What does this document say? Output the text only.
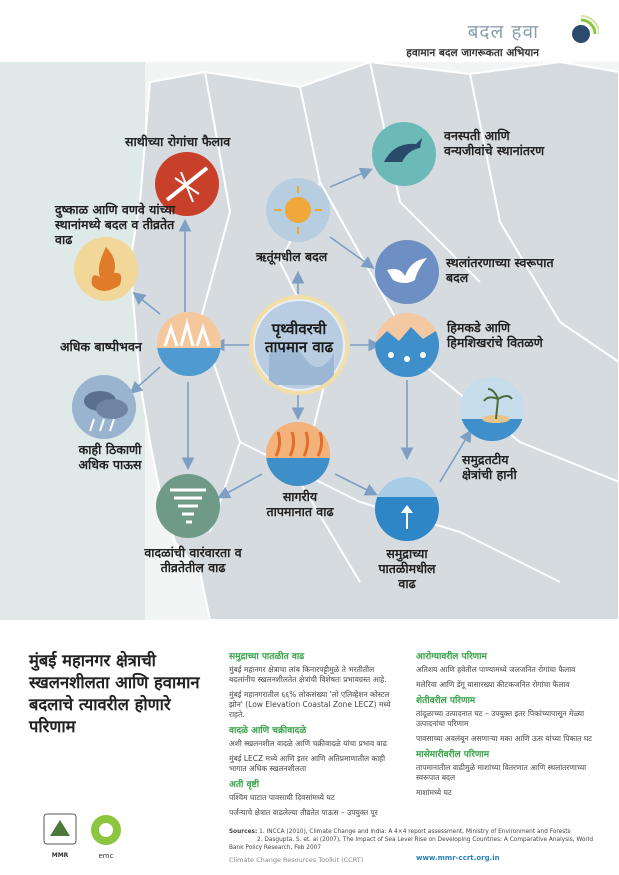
बदल हवा
हवामान बदल जागरूकता अभियान
पृथ्वीवरची तापमान वाढ
साथीच्या रोगांचा फैलाव
दुष्काळ आणि वणवे यांच्या स्थानांमध्ये बदल व तीव्रतेत वाढ
अधिक बाष्पीभवन
काही ठिकाणी अधिक पाऊस
वादळांची वारंवारता व तीव्रतेतील वाढ
ऋतूंमधील बदल
सागरीय तापमानात वाढ
वनस्पती आणि वन्यजीवांचे स्थानांतरण
स्थलांतरणाच्या स्वरूपात बदल
हिमकडे आणि हिमशिखरांचे वितळणे
समुद्रतटीय क्षेत्रांची हानी
समुद्राच्या पातळीमधील वाढ
मुंबई महानगर क्षेत्राची स्खलनशीलता आणि हवामान बदलाचे त्यावरील होणारे परिणाम
समुद्राच्या पातळीत वाढ
मुंबई महानगर क्षेत्राचा लांब किनारपट्टीमुळे ते भरतीतील बदलांनीच स्खलनशीलतेत क्षेत्रांची विशेषतः प्रभावग्रस्त आहे.
मुंबई महानगरातील ६६% लोकसंख्या 'लो एलिव्हेशन कोस्टल झोन' (Low Elevation Coastal Zone LECZ) मध्ये राहते.
वादळे आणि चक्रीवादळे
अशी स्खलनशील वादळे आणि चक्रीवादळे यांचा प्रभाव वाढ
मुंबई LECZ मध्ये आणि इतर आणि अतिप्रमाणातील काही भागात अधिक स्खलनशीलता
अती वृष्टी
पश्चिम घाटात पावसाची दिवसांमध्ये घट
पर्जन्याचे क्षेत्रात वाढलेल्या तीव्रतेत पाऊस – उपयुक्त पूर
आरोग्यावरील परिणाम
अतिशय आणि हवेतील पाण्यामध्ये जलजनित रोगांचा फैलाव
मलेरिया आणि डेंगू यासारख्या कीटकजनित रोगांचा फैलाव
शेतीवरील परिणाम
तांदूळाच्या उत्पादनात घट – उपयुक्त इतर पिकांच्यापासून मेळ्या उत्पादनांचा परिणाम
पावसाच्या अवलंबून असणाऱ्या मका आणि ऊस यांच्या पिकात घट
मासेमारीवरील परिणाम
तापमानातील वाढीमुळे माशांच्या वितरणात आणि स्थलांतरणाच्या स्वरूपात बदल
माशांमध्ये घट
Sources: 1. INCCA (2010), Climate Change and India: A 4×4 report assessment, Ministry of Environment and Forests
2. Dasgupta, S. et. al (2007), The Impact of Sea Level Rise on Developing Countries: A Comparative Analysis, World Bank Policy Research, Feb 2007
Climate Change Resources Toolkit (CCRT)	www.mmr-ccrt.org.in
MMR	emc
